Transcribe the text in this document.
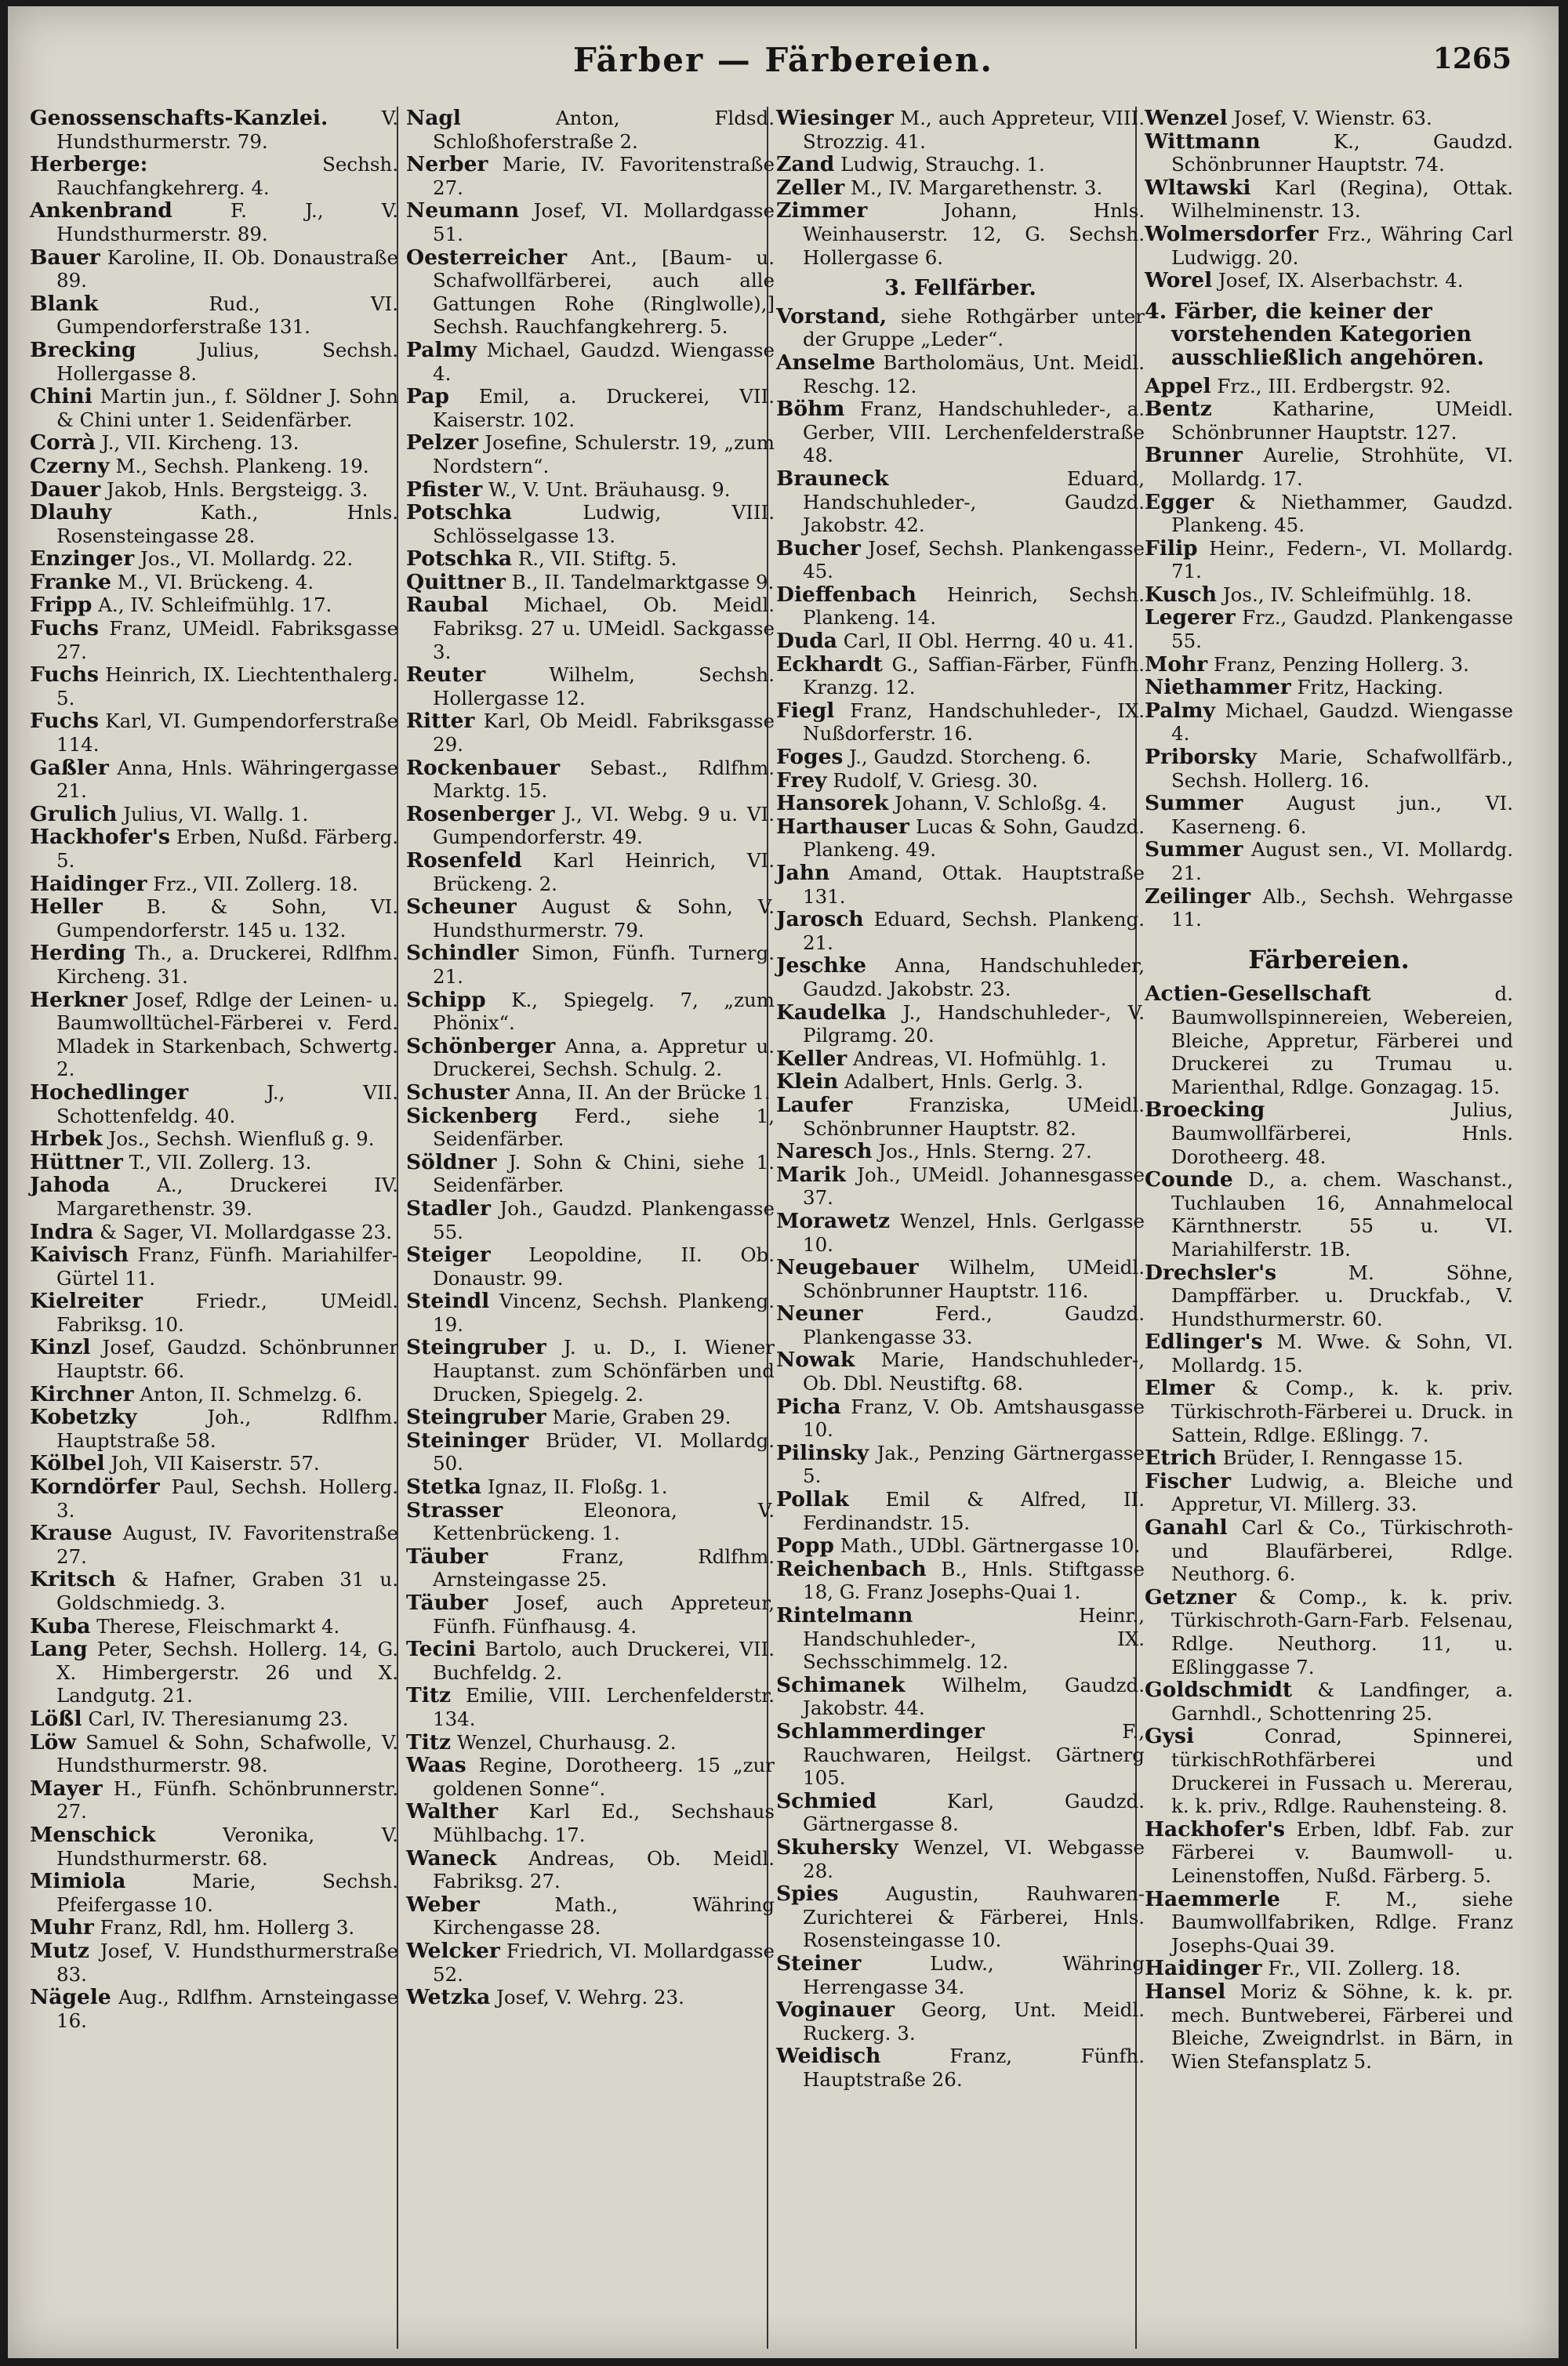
Färber — Färbereien.	1265

Genossenschafts-Kanzlei.	V. Hundsthurmerstr. 79.

Herberge:	Sechsh. Rauchfangkehrerg. 4.

Ankenbrand	F. J., V. Hundsthurmerstr. 89.

Bauer Karoline, II. Ob. Donaustraße 89.

Blank	Rud., VI. Gumpendorferstraße 131.

Brecking	Julius, Sechsh. Hollergasse 8.

Chini Martin jun., f. Söldner J. Sohn & Chini unter 1. Seidenfärber.

Corrà J., VII. Kircheng. 13.

Czerny M., Sechsh. Plankeng. 19.

Dauer Jakob, Hnls. Bergsteigg. 3.

Dlauhy	Kath., Hnls. Rosensteingasse 28.

Enzinger Jos., VI. Mollardg. 22.

Franke M., VI. Brückeng. 4.

Fripp A., IV. Schleifmühlg. 17.

Fuchs Franz, UMeidl. Fabriksgasse 27.

Fuchs Heinrich, IX. Liechtenthalerg. 5.

Fuchs Karl, VI. Gumpendorferstraße 114.

Gaßler Anna, Hnls. Währingergasse 21.

Grulich Julius, VI. Wallg. 1.

Hackhofer's Erben, Nußd. Färberg. 5.

Haidinger Frz., VII. Zollerg. 18.

Heller B. & Sohn, VI. Gumpendorferstr. 145 u. 132.

Herding Th., a. Druckerei, Rdlfhm. Kircheng. 31.

Herkner Josef, Rdlge der Leinen- u. Baumwolltüchel-Färberei v. Ferd. Mladek in Starkenbach, Schwertg. 2.

Hochedlinger	J., VII. Schottenfeldg. 40.

Hrbek Jos., Sechsh. Wienfluß g. 9.

Hüttner T., VII. Zollerg. 13.

Jahoda A., Druckerei IV. Margarethenstr. 39.

Indra & Sager, VI. Mollardgasse 23.

Kaivisch Franz, Fünfh. Mariahilfer-Gürtel 11.

Kielreiter	Friedr., UMeidl. Fabriksg. 10.

Kinzl Josef, Gaudzd. Schönbrunner Hauptstr. 66.

Kirchner Anton, II. Schmelzg. 6.

Kobetzky	Joh., Rdlfhm. Hauptstraße 58.

Kölbel Joh, VII Kaiserstr. 57.

Korndörfer Paul, Sechsh. Hollerg. 3.

Krause August, IV. Favoritenstraße 27.

Kritsch & Hafner, Graben 31 u. Goldschmiedg. 3.

Kuba Therese, Fleischmarkt 4.

Lang Peter, Sechsh. Hollerg. 14, G. X. Himbergerstr. 26 und X. Landgutg. 21.

Lößl Carl, IV. Theresianumg 23.

Löw Samuel & Sohn, Schafwolle, V. Hundsthurmerstr. 98.

Mayer H., Fünfh. Schönbrunnerstr. 27.

Menschick	Veronika, V. Hundsthurmerstr. 68.

Mimiola	Marie, Sechsh. Pfeifergasse 10.

Muhr Franz, Rdl, hm. Hollerg 3.

Mutz Josef, V. Hundsthurmerstraße 83.

Nägele Aug., Rdlfhm. Arnsteingasse 16.

Nagl	Anton, Fldsd. Schloßhoferstraße 2.

Nerber Marie, IV. Favoritenstraße 27.

Neumann Josef, VI. Mollardgasse 51.

Oesterreicher Ant., [Baum- u. Schafwollfärberei, auch alle Gattungen Rohe (Ringlwolle),] Sechsh. Rauchfangkehrerg. 5.

Palmy Michael, Gaudzd. Wiengasse 4.

Pap Emil, a. Druckerei, VII. Kaiserstr. 102.

Pelzer Josefine, Schulerstr. 19, „zum Nordstern“.

Pfister W., V. Unt. Bräuhausg. 9.

Potschka	Ludwig, VIII. Schlösselgasse 13.

Potschka R., VII. Stiftg. 5.

Quittner B., II. Tandelmarktgasse 9.

Raubal Michael, Ob. Meidl. Fabriksg. 27 u. UMeidl. Sackgasse 3.

Reuter	Wilhelm, Sechsh. Hollergasse 12.

Ritter Karl, Ob Meidl. Fabriksgasse 29.

Rockenbauer Sebast., Rdlfhm. Marktg. 15.

Rosenberger J., VI. Webg. 9 u. VI. Gumpendorferstr. 49.

Rosenfeld Karl Heinrich, VI. Brückeng. 2.

Scheuner August & Sohn, V. Hundsthurmerstr. 79.

Schindler Simon, Fünfh. Turnerg. 21.

Schipp K., Spiegelg. 7, „zum Phönix“.

Schönberger Anna, a. Appretur u. Druckerei, Sechsh. Schulg. 2.

Schuster Anna, II. An der Brücke 1.

Sickenberg Ferd., siehe 1, Seidenfärber.

Söldner J. Sohn & Chini, siehe 1. Seidenfärber.

Stadler Joh., Gaudzd. Plankengasse 55.

Steiger Leopoldine, II. Ob. Donaustr. 99.

Steindl Vincenz, Sechsh. Plankeng. 19.

Steingruber J. u. D., I. Wiener Hauptanst. zum Schönfärben und Drucken, Spiegelg. 2.

Steingruber Marie, Graben 29.

Steininger Brüder, VI. Mollardg. 50.

Stetka Ignaz, II. Floßg. 1.

Strasser	Eleonora, V. Kettenbrückeng. 1.

Täuber	Franz, Rdlfhm. Arnsteingasse 25.

Täuber Josef, auch Appreteur, Fünfh. Fünfhausg. 4.

Tecini Bartolo, auch Druckerei, VII. Buchfeldg. 2.

Titz Emilie, VIII. Lerchenfelderstr. 134.

Titz Wenzel, Churhausg. 2.

Waas Regine, Dorotheerg. 15 „zur goldenen Sonne“.

Walther Karl Ed., Sechshaus Mühlbachg. 17.

Waneck Andreas, Ob. Meidl. Fabriksg. 27.

Weber	Math., Währing Kirchengasse 28.

Welcker Friedrich, VI. Mollardgasse 52.

Wetzka Josef, V. Wehrg. 23.

Wiesinger M., auch Appreteur, VIII. Strozzig. 41.

Zand Ludwig, Strauchg. 1.

Zeller M., IV. Margarethenstr. 3.

Zimmer	Johann, Hnls. Weinhauserstr. 12, G. Sechsh. Hollergasse 6.

3. Fellfärber.

Vorstand, siehe Rothgärber unter der Gruppe „Leder“.

Anselme Bartholomäus, Unt. Meidl. Reschg. 12.

Böhm Franz, Handschuhleder-, a. Gerber, VIII. Lerchenfelderstraße 48.

Brauneck	Eduard, Handschuhleder-, Gaudzd. Jakobstr. 42.

Bucher Josef, Sechsh. Plankengasse 45.

Dieffenbach Heinrich, Sechsh. Plankeng. 14.

Duda Carl, II Obl. Herrng. 40 u. 41.

Eckhardt G., Saffian-Färber, Fünfh. Kranzg. 12.

Fiegl Franz, Handschuhleder-, IX. Nußdorferstr. 16.

Foges J., Gaudzd. Storcheng. 6.

Frey Rudolf, V. Griesg. 30.

Hansorek Johann, V. Schloßg. 4.

Harthauser Lucas & Sohn, Gaudzd. Plankeng. 49.

Jahn Amand, Ottak. Hauptstraße 131.

Jarosch Eduard, Sechsh. Plankeng. 21.

Jeschke Anna, Handschuhleder, Gaudzd. Jakobstr. 23.

Kaudelka J., Handschuhleder-, V. Pilgramg. 20.

Keller Andreas, VI. Hofmühlg. 1.

Klein Adalbert, Hnls. Gerlg. 3.

Laufer	Franziska, UMeidl. Schönbrunner Hauptstr. 82.

Naresch Jos., Hnls. Sterng. 27.

Marik Joh., UMeidl. Johannesgasse 37.

Morawetz Wenzel, Hnls. Gerlgasse 10.

Neugebauer Wilhelm, UMeidl. Schönbrunner Hauptstr. 116.

Neuner	Ferd., Gaudzd. Plankengasse 33.

Nowak Marie, Handschuhleder-, Ob. Dbl. Neustiftg. 68.

Picha Franz, V. Ob. Amtshausgasse 10.

Pilinsky Jak., Penzing Gärtnergasse 5.

Pollak Emil & Alfred, II. Ferdinandstr. 15.

Popp Math., UDbl. Gärtnergasse 10.

Reichenbach B., Hnls. Stiftgasse 18, G. Franz Josephs-Quai 1.

Rintelmann	Heinr., Handschuhleder-, IX. Sechsschimmelg. 12.

Schimanek Wilhelm, Gaudzd. Jakobstr. 44.

Schlammerdinger	F., Rauchwaren, Heilgst. Gärtnerg 105.

Schmied	Karl, Gaudzd. Gärtnergasse 8.

Skuhersky Wenzel, VI. Webgasse 28.

Spies Augustin, Rauhwaren-Zurichterei & Färberei, Hnls. Rosensteingasse 10.

Steiner	Ludw., Währing Herrengasse 34.

Voginauer Georg, Unt. Meidl. Ruckerg. 3.

Weidisch	Franz, Fünfh. Hauptstraße 26.

Wenzel Josef, V. Wienstr. 63.

Wittmann	K., Gaudzd. Schönbrunner Hauptstr. 74.

Wltawski Karl (Regina), Ottak. Wilhelminenstr. 13.

Wolmersdorfer Frz., Währing Carl Ludwigg. 20.

Worel Josef, IX. Alserbachstr. 4.

4. Färber, die keiner der vorstehenden Kategorien ausschließlich angehören.

Appel Frz., III. Erdbergstr. 92.

Bentz	Katharine, UMeidl. Schönbrunner Hauptstr. 127.

Brunner Aurelie, Strohhüte, VI. Mollardg. 17.

Egger & Niethammer, Gaudzd. Plankeng. 45.

Filip Heinr., Federn-, VI. Mollardg. 71.

Kusch Jos., IV. Schleifmühlg. 18.

Legerer Frz., Gaudzd. Plankengasse 55.

Mohr Franz, Penzing Hollerg. 3.

Niethammer Fritz, Hacking.

Palmy Michael, Gaudzd. Wiengasse 4.

Priborsky Marie, Schafwollfärb., Sechsh. Hollerg. 16.

Summer August jun., VI. Kaserneng. 6.

Summer August sen., VI. Mollardg. 21.

Zeilinger Alb., Sechsh. Wehrgasse 11.

Färbereien.

Actien-Gesellschaft	d. Baumwollspinnereien, Webereien, Bleiche, Appretur, Färberei und Druckerei zu Trumau u. Marienthal, Rdlge. Gonzagag. 15.

Broecking	Julius, Baumwollfärberei, Hnls. Dorotheerg. 48.

Counde D., a. chem. Waschanst., Tuchlauben 16, Annahmelocal Kärnthnerstr. 55 u. VI. Mariahilferstr. 1B.

Drechsler's	M. Söhne, Dampffärber. u. Druckfab., V. Hundsthurmerstr. 60.

Edlinger's M. Wwe. & Sohn, VI. Mollardg. 15.

Elmer & Comp., k. k. priv. Türkischroth-Färberei u. Druck. in Sattein, Rdlge. Eßlingg. 7.

Etrich Brüder, I. Renngasse 15.

Fischer Ludwig, a. Bleiche und Appretur, VI. Millerg. 33.

Ganahl Carl & Co., Türkischroth- und Blaufärberei, Rdlge. Neuthorg. 6.

Getzner & Comp., k. k. priv. Türkischroth-Garn-Farb. Felsenau, Rdlge. Neuthorg. 11, u. Eßlinggasse 7.

Goldschmidt & Landfinger, a. Garnhdl., Schottenring 25.

Gysi	Conrad, Spinnerei, türkischRothfärberei und Druckerei in Fussach u. Mererau, k. k. priv., Rdlge. Rauhensteing. 8.

Hackhofer's Erben, ldbf. Fab. zur Färberei v. Baumwoll- u. Leinenstoffen, Nußd. Färberg. 5.

Haemmerle F. M., siehe Baumwollfabriken, Rdlge. Franz Josephs-Quai 39.

Haidinger Fr., VII. Zollerg. 18.

Hansel Moriz & Söhne, k. k. pr. mech. Buntweberei, Färberei und Bleiche, Zweigndrlst. in Bärn, in Wien Stefansplatz 5.
